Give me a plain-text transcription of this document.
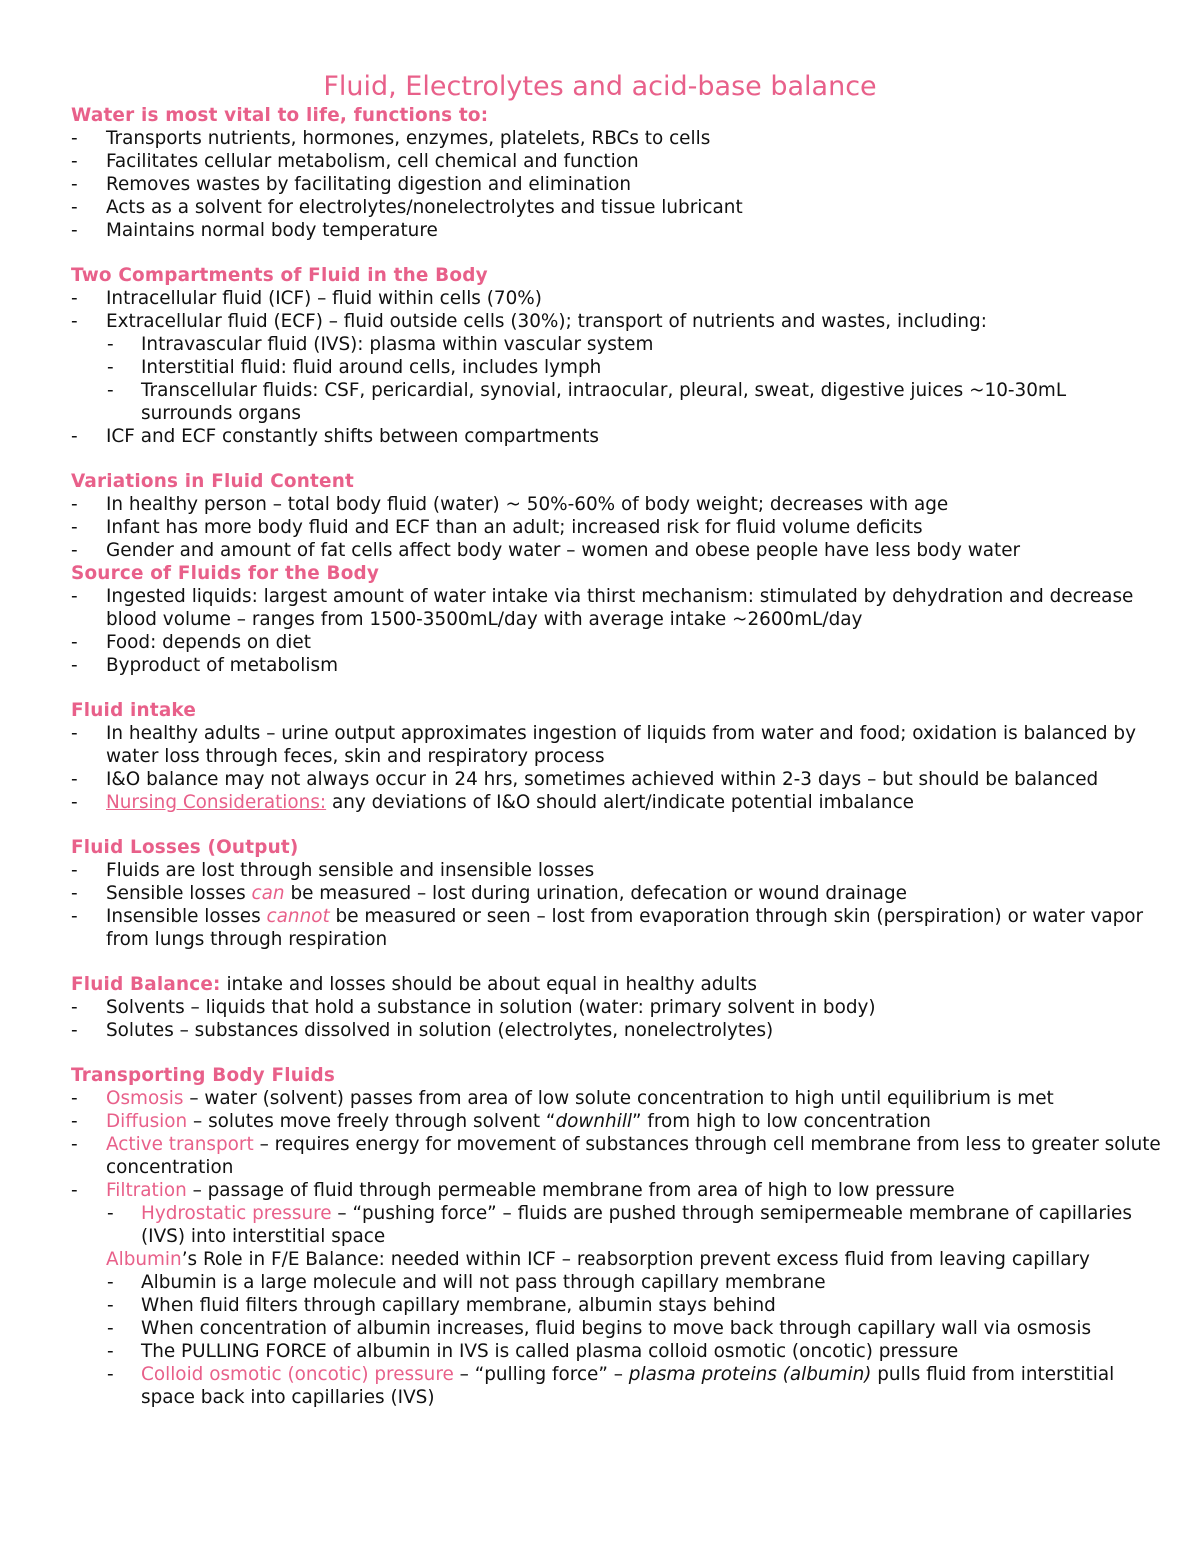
Fluid, Electrolytes and acid-base balance
Water is most vital to life, functions to:
- Transports nutrients, hormones, enzymes, platelets, RBCs to cells
- Facilitates cellular metabolism, cell chemical and function
- Removes wastes by facilitating digestion and elimination
- Acts as a solvent for electrolytes/nonelectrolytes and tissue lubricant
- Maintains normal body temperature
Two Compartments of Fluid in the Body
- Intracellular fluid (ICF) – fluid within cells (70%)
- Extracellular fluid (ECF) – fluid outside cells (30%); transport of nutrients and wastes, including:
- Intravascular fluid (IVS): plasma within vascular system
- Interstitial fluid: fluid around cells, includes lymph
- Transcellular fluids: CSF, pericardial, synovial, intraocular, pleural, sweat, digestive juices ~10-30mL surrounds organs
- ICF and ECF constantly shifts between compartments
Variations in Fluid Content
- In healthy person – total body fluid (water) ~ 50%-60% of body weight; decreases with age
- Infant has more body fluid and ECF than an adult; increased risk for fluid volume deficits
- Gender and amount of fat cells affect body water – women and obese people have less body water
Source of Fluids for the Body
- Ingested liquids: largest amount of water intake via thirst mechanism: stimulated by dehydration and decrease blood volume – ranges from 1500-3500mL/day with average intake ~2600mL/day
- Food: depends on diet
- Byproduct of metabolism
Fluid intake
- In healthy adults – urine output approximates ingestion of liquids from water and food; oxidation is balanced by water loss through feces, skin and respiratory process
- I&O balance may not always occur in 24 hrs, sometimes achieved within 2-3 days – but should be balanced
- Nursing Considerations: any deviations of I&O should alert/indicate potential imbalance
Fluid Losses (Output)
- Fluids are lost through sensible and insensible losses
- Sensible losses can be measured – lost during urination, defecation or wound drainage
- Insensible losses cannot be measured or seen – lost from evaporation through skin (perspiration) or water vapor from lungs through respiration
Fluid Balance: intake and losses should be about equal in healthy adults
- Solvents – liquids that hold a substance in solution (water: primary solvent in body)
- Solutes – substances dissolved in solution (electrolytes, nonelectrolytes)
Transporting Body Fluids
- Osmosis – water (solvent) passes from area of low solute concentration to high until equilibrium is met
- Diffusion – solutes move freely through solvent “downhill” from high to low concentration
- Active transport – requires energy for movement of substances through cell membrane from less to greater solute concentration
- Filtration – passage of fluid through permeable membrane from area of high to low pressure
- Hydrostatic pressure – “pushing force” – fluids are pushed through semipermeable membrane of capillaries (IVS) into interstitial space
Albumin’s Role in F/E Balance: needed within ICF – reabsorption prevent excess fluid from leaving capillary
- Albumin is a large molecule and will not pass through capillary membrane
- When fluid filters through capillary membrane, albumin stays behind
- When concentration of albumin increases, fluid begins to move back through capillary wall via osmosis
- The PULLING FORCE of albumin in IVS is called plasma colloid osmotic (oncotic) pressure
- Colloid osmotic (oncotic) pressure – “pulling force” – plasma proteins (albumin) pulls fluid from interstitial space back into capillaries (IVS)
